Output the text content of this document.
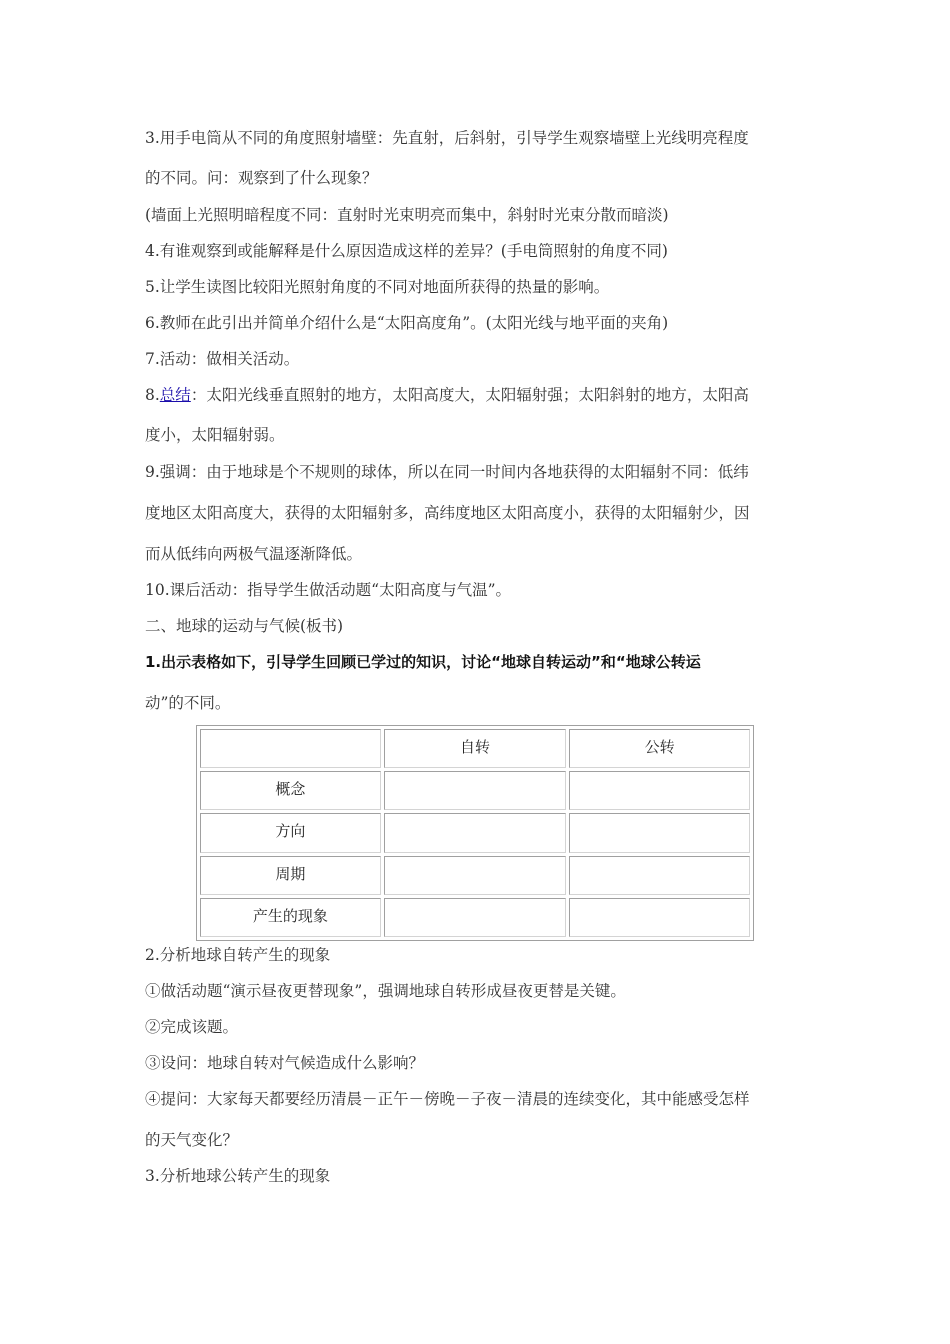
3.用手电筒从不同的角度照射墙壁：先直射，后斜射，引导学生观察墙壁上光线明亮程度
的不同。问：观察到了什么现象？
(墙面上光照明暗程度不同：直射时光束明亮而集中，斜射时光束分散而暗淡)
4.有谁观察到或能解释是什么原因造成这样的差异？(手电筒照射的角度不同)
5.让学生读图比较阳光照射角度的不同对地面所获得的热量的影响。
6.教师在此引出并简单介绍什么是“太阳高度角”。(太阳光线与地平面的夹角)
7.活动：做相关活动。
8.总结：太阳光线垂直照射的地方，太阳高度大，太阳辐射强；太阳斜射的地方，太阳高
度小，太阳辐射弱。
9.强调：由于地球是个不规则的球体，所以在同一时间内各地获得的太阳辐射不同：低纬
度地区太阳高度大，获得的太阳辐射多，高纬度地区太阳高度小，获得的太阳辐射少，因
而从低纬向两极气温逐渐降低。
10.课后活动：指导学生做活动题“太阳高度与气温”。
二、地球的运动与气候(板书)
1.出示表格如下，引导学生回顾已学过的知识，讨论“地球自转运动”和“地球公转运
动”的不同。
	自转	公转
概念		
方向		
周期		
产生的现象		
2.分析地球自转产生的现象
①做活动题“演示昼夜更替现象”，强调地球自转形成昼夜更替是关键。
②完成该题。
③设问：地球自转对气候造成什么影响？
④提问：大家每天都要经历清晨－正午－傍晚－子夜－清晨的连续变化，其中能感受怎样
的天气变化？
3.分析地球公转产生的现象
